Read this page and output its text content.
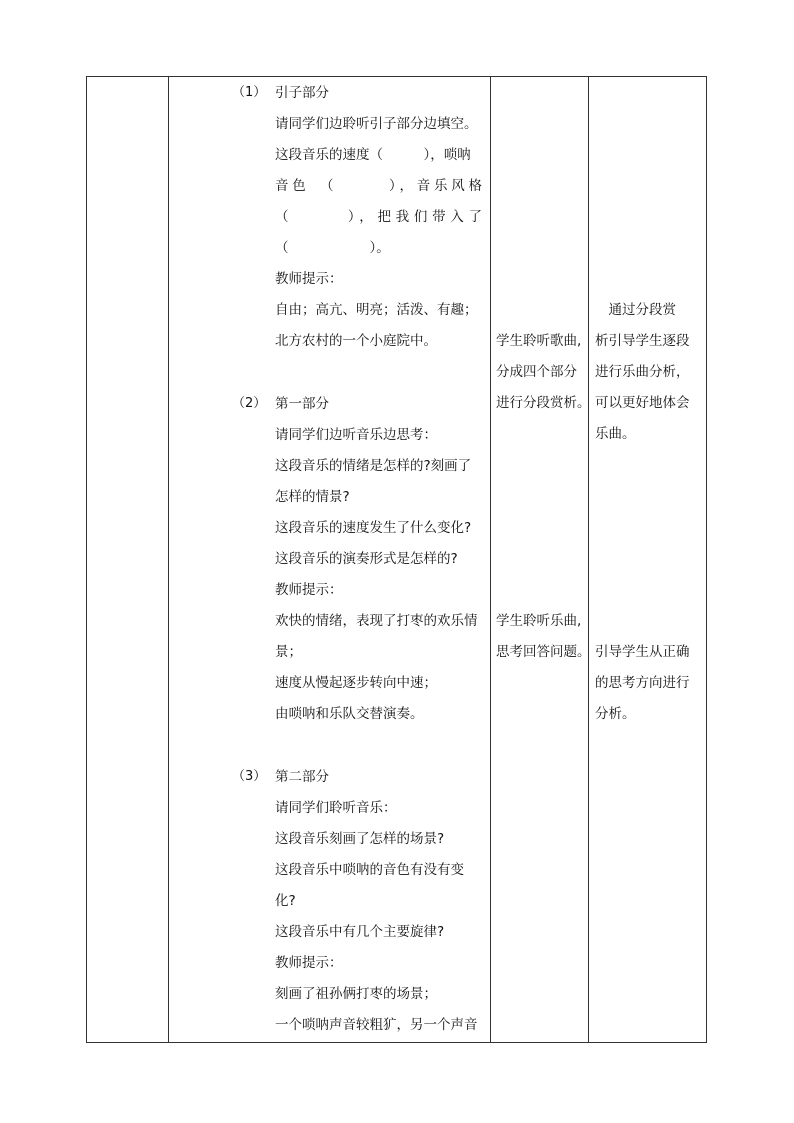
（1） 引子部分
请同学们边聆听引子部分边填空。
这段音乐的速度（　　　），唢呐
音色　（　　　），音乐风格
（　　　），把我们带入了
（　　　　　　）。
教师提示：
自由；高亢、明亮；活泼、有趣；
北方农村的一个小庭院中。
（2） 第一部分
请同学们边听音乐边思考：
这段音乐的情绪是怎样的?刻画了
怎样的情景?
这段音乐的速度发生了什么变化?
这段音乐的演奏形式是怎样的?
教师提示：
欢快的情绪，表现了打枣的欢乐情
景；
速度从慢起逐步转向中速；
由唢呐和乐队交替演奏。
（3） 第二部分
请同学们聆听音乐：
这段音乐刻画了怎样的场景?
这段音乐中唢呐的音色有没有变
化?
这段音乐中有几个主要旋律?
教师提示：
刻画了祖孙俩打枣的场景；
一个唢呐声音较粗犷，另一个声音
学生聆听歌曲,
分成四个部分
进行分段赏析。
学生聆听乐曲,
思考回答问题。
　通过分段赏
析引导学生逐段
进行乐曲分析，
可以更好地体会
乐曲。
引导学生从正确
的思考方向进行
分析。
